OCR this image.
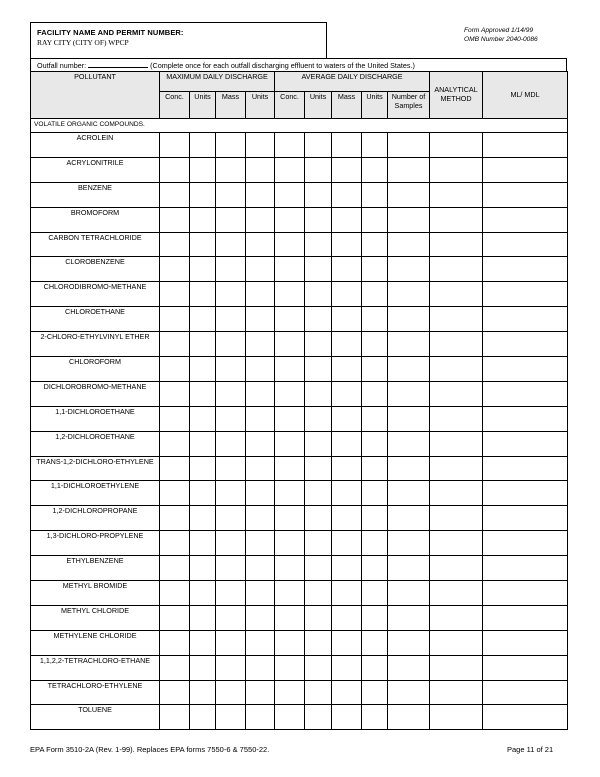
FACILITY NAME AND PERMIT NUMBER:
RAY CITY (CITY OF) WPCP
Form Approved 1/14/99
OMB Number 2040-0086
Outfall number:	(Complete once for each outfall discharging effluent to waters of the United States.)
POLLUTANT	MAXIMUM DAILY DISCHARGE				AVERAGE DAILY DISCHARGE					ANALYTICAL METHOD	ML/ MDL
	Conc.	Units	Mass	Units	Conc.	Units	Mass	Units	Number of Samples		
VOLATILE ORGANIC COMPOUNDS.											
ACROLEIN											
ACRYLONITRILE											
BENZENE											
BROMOFORM											
CARBON TETRACHLORIDE											
CLOROBENZENE											
CHLORODIBROMO-METHANE											
CHLOROETHANE											
2-CHLORO-ETHYLVINYL ETHER											
CHLOROFORM											
DICHLOROBROMO-METHANE											
1,1-DICHLOROETHANE											
1,2-DICHLOROETHANE											
TRANS-1,2-DICHLORO-ETHYLENE											
1,1-DICHLOROETHYLENE											
1,2-DICHLOROPROPANE											
1,3-DICHLORO-PROPYLENE											
ETHYLBENZENE											
METHYL BROMIDE											
METHYL CHLORIDE											
METHYLENE CHLORIDE											
1,1,2,2-TETRACHLORO-ETHANE											
TETRACHLORO-ETHYLENE											
TOLUENE											
EPA Form 3510-2A (Rev. 1-99). Replaces EPA forms 7550-6 & 7550-22.	Page 11 of 21
